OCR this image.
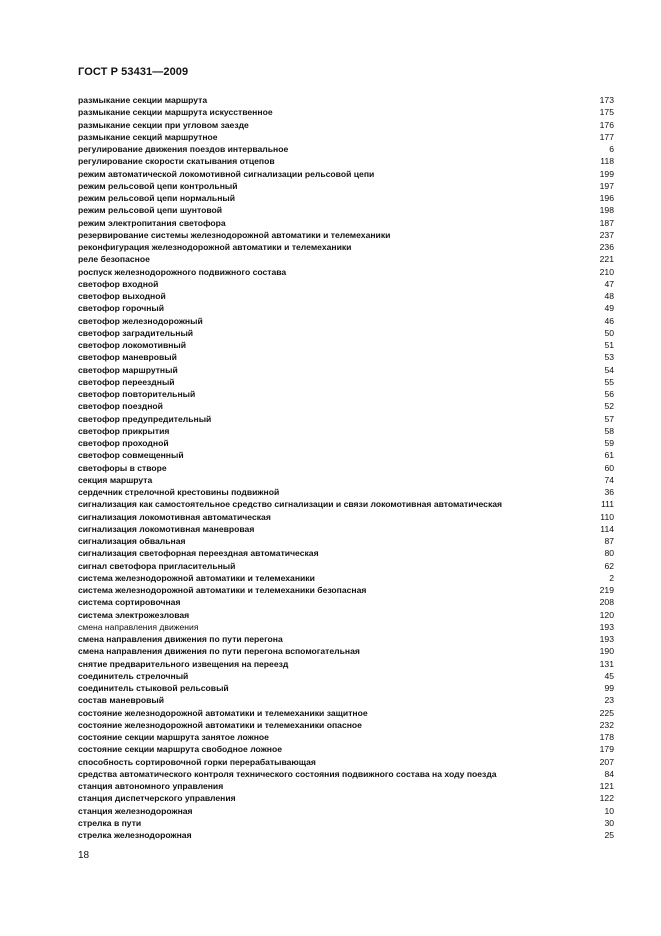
ГОСТ Р 53431—2009
размыкание секции маршрута	173
размыкание секции маршрута искусственное	175
размыкание секции при угловом заезде	176
размыкание секций маршрутное	177
регулирование движения поездов интервальное	6
регулирование скорости скатывания отцепов	118
режим автоматической локомотивной сигнализации рельсовой цепи	199
режим рельсовой цепи контрольный	197
режим рельсовой цепи нормальный	196
режим рельсовой цепи шунтовой	198
режим электропитания светофора	187
резервирование системы железнодорожной автоматики и телемеханики	237
реконфигурация железнодорожной автоматики и телемеханики	236
реле безопасное	221
роспуск железнодорожного подвижного состава	210
светофор входной	47
светофор выходной	48
светофор горочный	49
светофор железнодорожный	46
светофор заградительный	50
светофор локомотивный	51
светофор маневровый	53
светофор маршрутный	54
светофор переездный	55
светофор повторительный	56
светофор поездной	52
светофор предупредительный	57
светофор прикрытия	58
светофор проходной	59
светофор совмещенный	61
светофоры в створе	60
секция маршрута	74
сердечник стрелочной крестовины подвижной	36
сигнализация как самостоятельное средство сигнализации и связи локомотивная автоматическая	111
сигнализация локомотивная автоматическая	110
сигнализация локомотивная маневровая	114
сигнализация обвальная	87
сигнализация светофорная переездная автоматическая	80
сигнал светофора пригласительный	62
система железнодорожной автоматики и телемеханики	2
система железнодорожной автоматики и телемеханики безопасная	219
система сортировочная	208
система электрожезловая	120
смена направления движения	193
смена направления движения по пути перегона	193
смена направления движения по пути перегона вспомогательная	190
снятие предварительного извещения на переезд	131
соединитель стрелочный	45
соединитель стыковой рельсовый	99
состав маневровый	23
состояние железнодорожной автоматики и телемеханики защитное	225
состояние железнодорожной автоматики и телемеханики опасное	232
состояние секции маршрута занятое ложное	178
состояние секции маршрута свободное ложное	179
способность сортировочной горки перерабатывающая	207
средства автоматического контроля технического состояния подвижного состава на ходу поезда	84
станция автономного управления	121
станция диспетчерского управления	122
станция железнодорожная	10
стрелка в пути	30
стрелка железнодорожная	25
18
